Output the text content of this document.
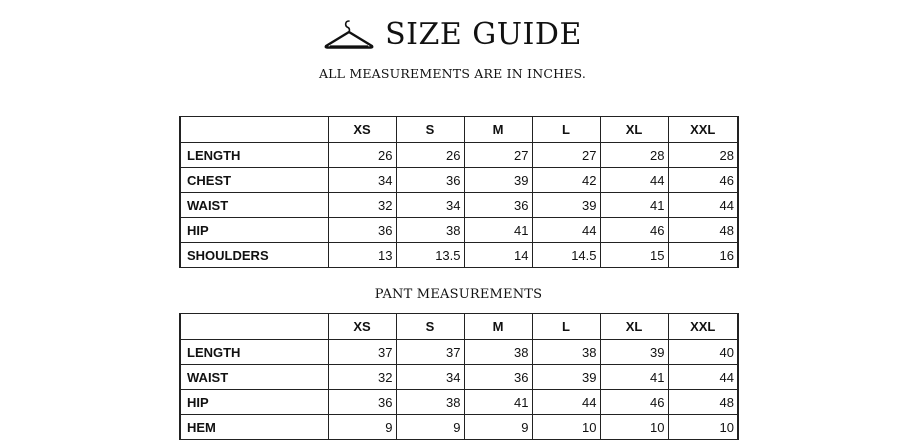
SIZE GUIDE
ALL MEASUREMENTS ARE IN INCHES.
	XS	S	M	L	XL	XXL
LENGTH	26	26	27	27	28	28
CHEST	34	36	39	42	44	46
WAIST	32	34	36	39	41	44
HIP	36	38	41	44	46	48
SHOULDERS	13	13.5	14	14.5	15	16
PANT MEASUREMENTS
	XS	S	M	L	XL	XXL
LENGTH	37	37	38	38	39	40
WAIST	32	34	36	39	41	44
HIP	36	38	41	44	46	48
HEM	9	9	9	10	10	10
